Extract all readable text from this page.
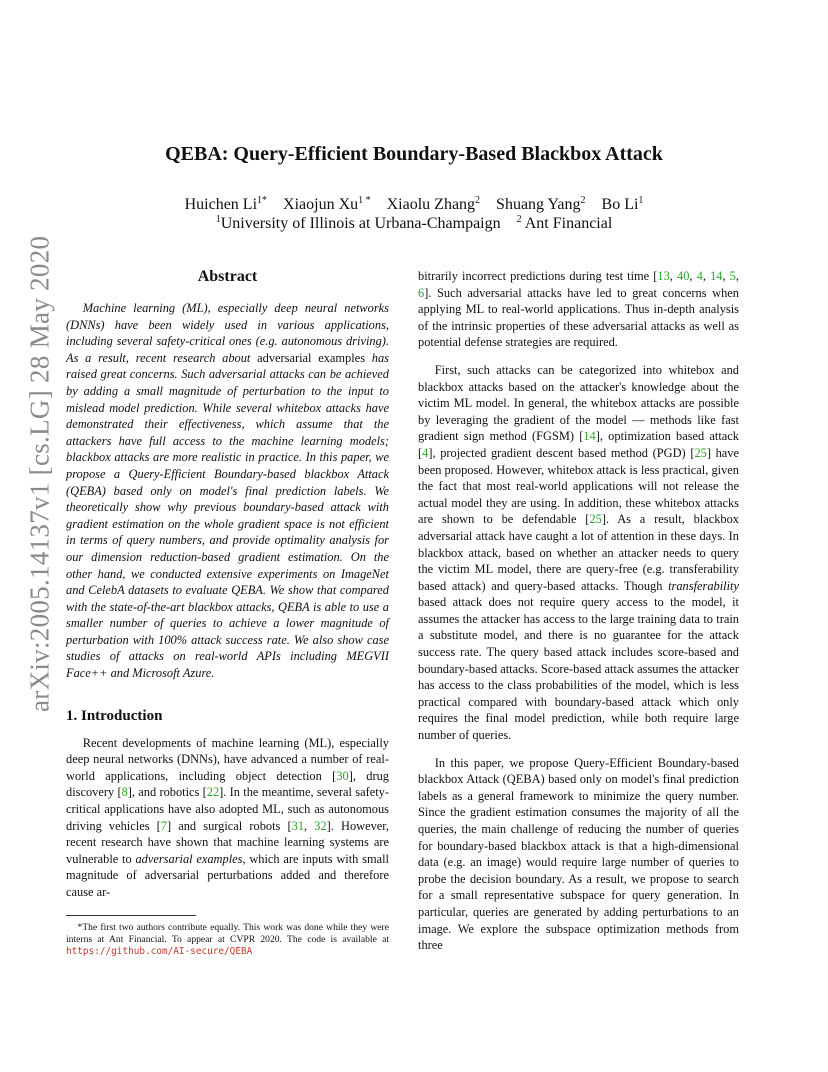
arXiv:2005.14137v1 [cs.LG] 28 May 2020
QEBA: Query-Efficient Boundary-Based Blackbox Attack
Huichen $Li^{1*}$ Xiaojun $Xu^{1 *}$ Xiaolu Zhang$^2$ Shuang Yang$^2$ Bo Li$^1$
$^1$University of Illinois at Urbana-Champaign $^2$ Ant Financial
Abstract

Machine learning (ML), especially deep neural networks (DNNs) have been widely used in various applications, including several safety-critical ones (e.g. autonomous driving). As a result, recent research about adversarial examples has raised great concerns. Such adversarial attacks can be achieved by adding a small magnitude of perturbation to the input to mislead model prediction. While several whitebox attacks have demonstrated their effectiveness, which assume that the attackers have full access to the machine learning models; blackbox attacks are more realistic in practice. In this paper, we propose a Query-Efficient Boundary-based blackbox Attack (QEBA) based only on model's final prediction labels. We theoretically show why previous boundary-based attack with gradient estimation on the whole gradient space is not efficient in terms of query numbers, and provide optimality analysis for our dimension reduction-based gradient estimation. On the other hand, we conducted extensive experiments on ImageNet and CelebA datasets to evaluate QEBA. We show that compared with the state-of-the-art blackbox attacks, QEBA is able to use a smaller number of queries to achieve a lower magnitude of perturbation with 100% attack success rate. We also show case studies of attacks on real-world APIs including MEGVII Face++ and Microsoft Azure.

1. Introduction

Recent developments of machine learning (ML), especially deep neural networks (DNNs), have advanced a number of real-world applications, including object detection [30], drug discovery [8], and robotics [22]. In the meantime, several safety-critical applications have also adopted ML, such as autonomous driving vehicles [7] and surgical robots [31, 32]. However, recent research have shown that machine learning systems are vulnerable to adversarial examples, which are inputs with small magnitude of adversarial perturbations added and therefore cause ar-

*The first two authors contribute equally. This work was done while they were interns at Ant Financial. To appear at CVPR 2020. The code is available at https://github.com/AI-secure/QEBA

bitrarily incorrect predictions during test time [13, 40, 4, 14, 5, 6]. Such adversarial attacks have led to great concerns when applying ML to real-world applications. Thus in-depth analysis of the intrinsic properties of these adversarial attacks as well as potential defense strategies are required.

First, such attacks can be categorized into whitebox and blackbox attacks based on the attacker's knowledge about the victim ML model. In general, the whitebox attacks are possible by leveraging the gradient of the model — methods like fast gradient sign method (FGSM) [14], optimization based attack [4], projected gradient descent based method (PGD) [25] have been proposed. However, whitebox attack is less practical, given the fact that most real-world applications will not release the actual model they are using. In addition, these whitebox attacks are shown to be defendable [25]. As a result, blackbox adversarial attack have caught a lot of attention in these days. In blackbox attack, based on whether an attacker needs to query the victim ML model, there are query-free (e.g. transferability based attack) and query-based attacks. Though transferability based attack does not require query access to the model, it assumes the attacker has access to the large training data to train a substitute model, and there is no guarantee for the attack success rate. The query based attack includes score-based and boundary-based attacks. Score-based attack assumes the attacker has access to the class probabilities of the model, which is less practical compared with boundary-based attack which only requires the final model prediction, while both require large number of queries.

In this paper, we propose Query-Efficient Boundary-based blackbox Attack (QEBA) based only on model's final prediction labels as a general framework to minimize the query number. Since the gradient estimation consumes the majority of all the queries, the main challenge of reducing the number of queries for boundary-based blackbox attack is that a high-dimensional data (e.g. an image) would require large number of queries to probe the decision boundary. As a result, we propose to search for a small representative subspace for query generation. In particular, queries are generated by adding perturbations to an image. We explore the subspace optimization methods from three
